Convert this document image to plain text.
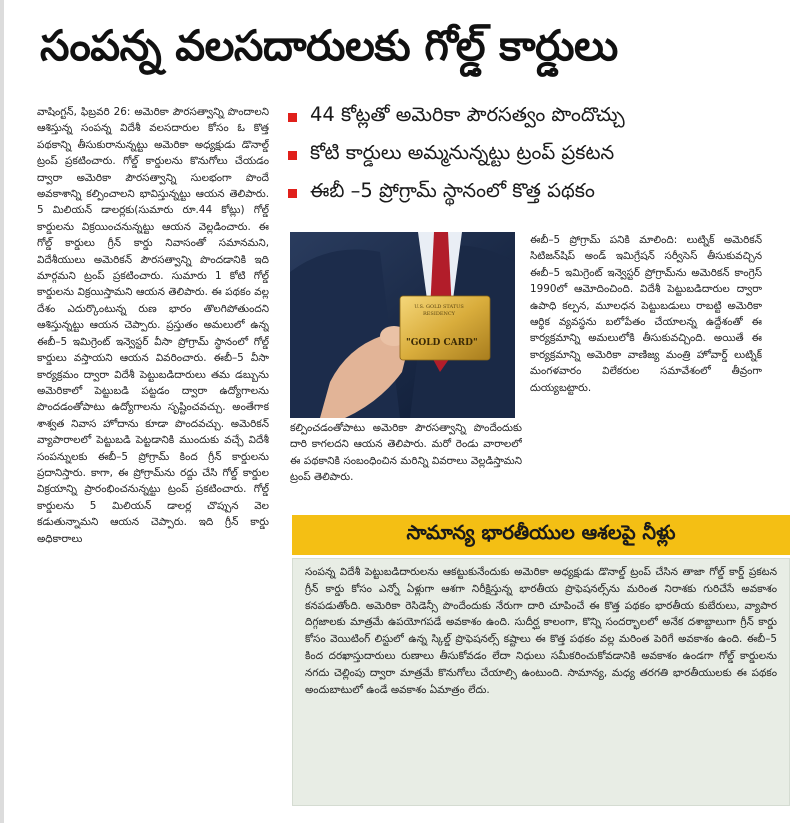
సంపన్న వలసదారులకు గోల్డ్ కార్డులు
వాషింగ్టన్, ఫిబ్రవరి 26: అమెరికా పౌరసత్వాన్ని పొందాలని ఆశిస్తున్న సంపన్న విదేశీ వలసదారుల కోసం ఓ కొత్త పథకాన్ని తీసుకురానున్నట్టు అమెరికా అధ్యక్షుడు డొనాల్డ్ ట్రంప్ ప్రకటించారు. గోల్డ్ కార్డులను కొనుగోలు చేయడం ద్వారా అమెరికా పౌరసత్వాన్ని సులభంగా పొందే అవకాశాన్ని కల్పించాలని భావిస్తున్నట్టు ఆయన తెలిపారు. 5 మిలియన్ డాలర్లకు(సుమారు రూ.44 కోట్లు) గోల్డ్ కార్డులను విక్రయించనున్నట్టు ఆయన వెల్లడించారు. ఈ గోల్డ్ కార్డులు గ్రీన్ కార్డు నివాసంతో సమానమని, విదేశీయులు అమెరికన్ పౌరసత్వాన్ని పొందడానికి ఇది మార్గమని ట్రంప్ ప్రకటించారు. సుమారు 1 కోటి గోల్డ్ కార్డులను విక్రయిస్తామని ఆయన తెలిపారు. ఈ పథకం వల్ల దేశం ఎదుర్కొంటున్న రుణ భారం తొలగిపోతుందని ఆశిస్తున్నట్టు ఆయన చెప్పారు. ప్రస్తుతం అమలులో ఉన్న ఈబీ–5 ఇమిగ్రెంట్ ఇన్వెస్టర్ వీసా ప్రోగ్రామ్ స్థానంలో గోల్డ్ కార్డులు వస్తాయని ఆయన వివరించారు. ఈబీ–5 వీసా కార్యక్రమం ద్వారా విదేశీ పెట్టుబడిదారులు తమ డబ్బును అమెరికాలో పెట్టుబడి పట్టడం ద్వారా ఉద్యోగాలను పొందడంతోపాటు ఉద్యోగాలను సృష్టించవచ్చు. అంతేగాక శాశ్వత నివాస హోదాను కూడా పొందవచ్చు. అమెరికన్ వ్యాపారాలలో పెట్టుబడి పెట్టడానికి ముందుకు వచ్చే విదేశీ సంపన్నులకు ఈబీ–5 ప్రోగ్రామ్ కింద గ్రీన్ కార్డులను ప్రదానిస్తారు. కాగా, ఈ ప్రోగ్రామ్‌ను రద్దు చేసి గోల్డ్ కార్డుల విక్రయాన్ని ప్రారంభించనున్నట్టు ట్రంప్ ప్రకటించారు. గోల్డ్ కార్డులను 5 మిలియన్ డాలర్ల చొప్పున వెల కడుతున్నామని ఆయన చెప్పారు. ఇది గ్రీన్ కార్డు అధికారాలు
44 కోట్లతో అమెరికా పౌరసత్వం పొందొచ్చు
కోటి కార్డులు అమ్మనున్నట్టు ట్రంప్ ప్రకటన
ఈబీ –5 ప్రోగ్రామ్ స్థానంలో కొత్త పథకం
U.S. GOLD STATUS RESIDENCY
"GOLD CARD"
ఈబీ–5 ప్రోగ్రామ్ పనికి మాలింది: లుట్నిక్ అమెరికన్ సిటిజన్‌షిప్ అండ్ ఇమిగ్రేషన్ సర్వీసెస్ తీసుకువచ్చిన ఈబీ–5 ఇమిగ్రెంట్ ఇన్వెస్టర్ ప్రోగ్రామ్‌ను అమెరికన్ కాంగ్రెస్ 1990లో ఆమోదించింది. విదేశీ పెట్టుబడిదారుల ద్వారా ఉపాధి కల్పన, మూలధన పెట్టుబడులు రాబట్టి అమెరికా ఆర్థిక వ్యవస్థను బలోపేతం చేయాలన్న ఉద్దేశంతో ఈ కార్యక్రమాన్ని అమలులోకి తీసుకువచ్చింది. అయితే ఈ కార్యక్రమాన్ని అమెరికా వాణిజ్య మంత్రి హోవార్డ్ లుట్నిక్ మంగళవారం విలేకరుల సమావేశంలో తీవ్రంగా దుయ్యబట్టారు.
కల్పించడంతోపాటు అమెరికా పౌరసత్వాన్ని పొందేందుకు దారి కాగలదని ఆయన తెలిపారు. మరో రెండు వారాలలో ఈ పథకానికి సంబంధించిన మరిన్ని వివరాలు వెల్లడిస్తామని ట్రంప్ తెలిపారు.
సామాన్య భారతీయుల ఆశలపై నీళ్లు
సంపన్న విదేశీ పెట్టుబడిదారులను ఆకట్టుకునేందుకు అమెరికా అధ్యక్షుడు డొనాల్డ్ ట్రంప్ చేసిన తాజా గోల్డ్ కార్డ్ ప్రకటన గ్రీన్ కార్డు కోసం ఎన్నో ఏళ్లుగా ఆశగా నిరీక్షిస్తున్న భారతీయ ప్రొఫెషనల్స్‌ను మరింత నిరాశకు గురిచేసే అవకాశం కనపడుతోంది. అమెరికా రెసిడెన్సీ పొందేందుకు నేరుగా దారి చూపించే ఈ కొత్త పథకం భారతీయ కుబేరులు, వ్యాపార దిగ్గజాలకు మాత్రమే ఉపయోగపడే అవకాశం ఉంది. సుదీర్ఘ కాలంగా, కొన్ని సందర్భాలలో అనేక దశాబ్దాలుగా గ్రీన్ కార్డు కోసం వెయిటింగ్ లిస్టులో ఉన్న స్కిల్డ్ ప్రొఫెషనల్స్ కష్టాలు ఈ కొత్త పథకం వల్ల మరింత పెరిగే అవకాశం ఉంది. ఈబీ–5 కింద దరఖాస్తుదారులు రుణాలు తీసుకోవడం లేదా నిధులు సమీకరించుకోవడానికి అవకాశం ఉండగా గోల్డ్ కార్డులను నగదు చెల్లింపు ద్వారా మాత్రమే కొనుగోలు చేయాల్సి ఉంటుంది. సామాన్య, మధ్య తరగతి భారతీయులకు ఈ పథకం అందుబాటులో ఉండే అవకాశం ఏమాత్రం లేదు.
